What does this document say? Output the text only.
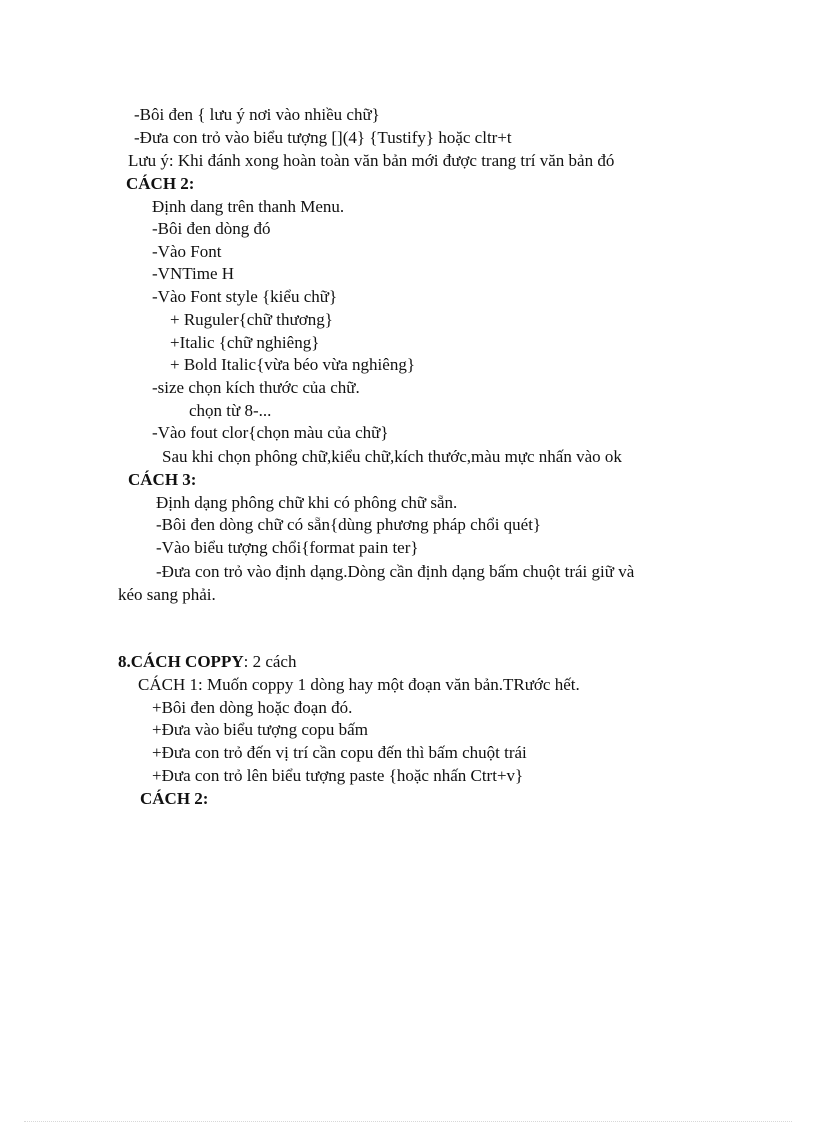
-Bôi đen { lưu ý nơi vào nhiều chữ}
-Đưa con trỏ vào biểu tượng [](4} {Tustify} hoặc cltr+t
Lưu ý: Khi đánh xong hoàn toàn văn bản mới được trang trí văn bản đó
CÁCH 2:
Định dang trên thanh Menu.
-Bôi đen dòng đó
-Vào Font
-VNTime H
-Vào Font style {kiểu chữ}
+ Ruguler{chữ thương}
+Italic {chữ nghiêng}
+ Bold Italic{vừa béo vừa nghiêng}
-size chọn kích thước của chữ.
chọn từ 8-...
-Vào fout clor{chọn màu của chữ}
Sau khi chọn phông chữ,kiểu chữ,kích thước,màu mực nhấn vào ok
CÁCH 3:
Định dạng phông chữ khi có phông chữ sẵn.
-Bôi đen dòng chữ có sẵn{dùng phương pháp chổi quét}
-Vào biểu tượng chổi{format pain ter}
-Đưa con trỏ vào định dạng.Dòng cần định dạng bấm chuột trái giữ và
kéo sang phải.
8.CÁCH COPPY: 2 cách
CÁCH 1: Muốn coppy 1 dòng hay một đoạn văn bản.TRước hết.
+Bôi đen dòng hoặc đoạn đó.
+Đưa vào biểu tượng copu bấm
+Đưa con trỏ đến vị trí cần copu đến thì bấm chuột trái
+Đưa con trỏ lên biểu tượng paste {hoặc nhấn Ctrt+v}
CÁCH 2:
